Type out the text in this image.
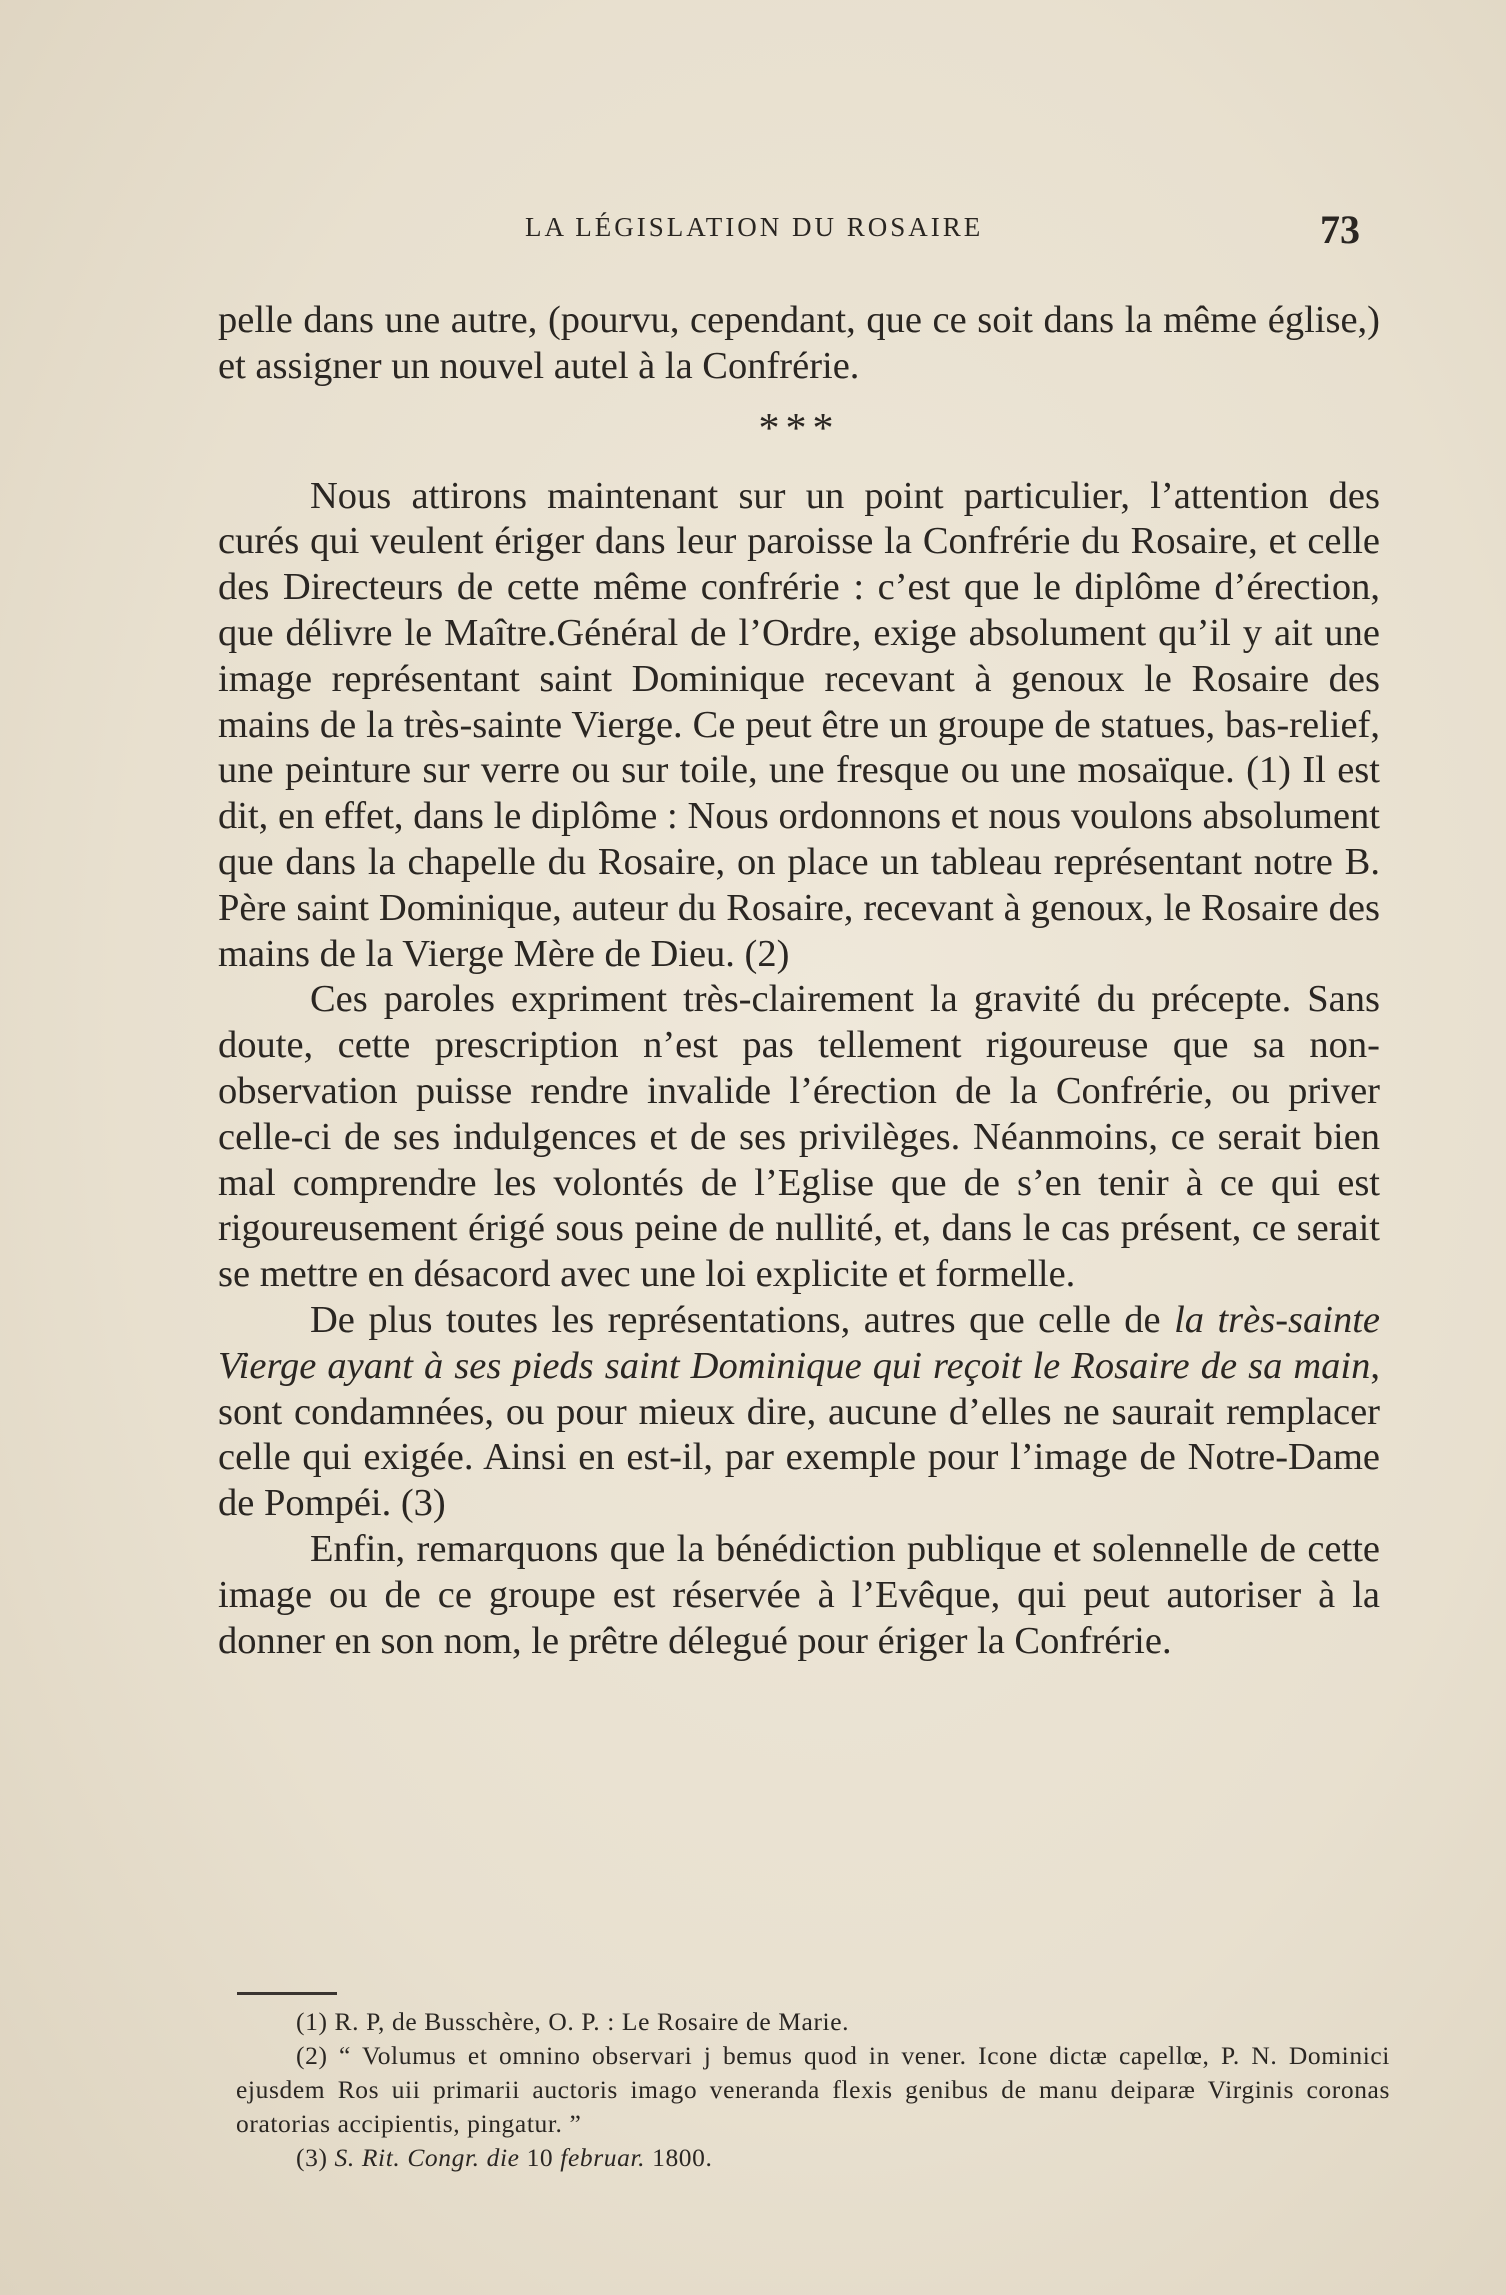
LA LÉGISLATION DU ROSAIRE	73

pelle dans une autre, (pourvu, cependant, que ce soit dans la même église,) et assigner un nouvel autel à la Confrérie.

***

Nous attirons maintenant sur un point particulier, l’attention des curés qui veulent ériger dans leur paroisse la Confrérie du Rosaire, et celle des Directeurs de cette même confrérie : c’est que le diplôme d’érection, que délivre le Maître.Général de l’Ordre, exige absolument qu’il y ait une image représentant saint Dominique recevant à genoux le Rosaire des mains de la très-sainte Vierge. Ce peut être un groupe de statues, bas-relief, une peinture sur verre ou sur toile, une fresque ou une mosaïque. (1) Il est dit, en effet, dans le diplôme : Nous ordonnons et nous voulons absolument que dans la chapelle du Rosaire, on place un tableau représentant notre B. Père saint Dominique, auteur du Rosaire, recevant à genoux, le Rosaire des mains de la Vierge Mère de Dieu. (2)

Ces paroles expriment très-clairement la gravité du précepte. Sans doute, cette prescription n’est pas tellement rigoureuse que sa non-observation puisse rendre invalide l’érection de la Confrérie, ou priver celle-ci de ses indulgences et de ses privilèges. Néanmoins, ce serait bien mal comprendre les volontés de l’Eglise que de s’en tenir à ce qui est rigoureusement érigé sous peine de nullité, et, dans le cas présent, ce serait se mettre en désacord avec une loi explicite et formelle.

De plus toutes les représentations, autres que celle de la très-sainte Vierge ayant à ses pieds saint Dominique qui reçoit le Rosaire de sa main, sont condamnées, ou pour mieux dire, aucune d’elles ne saurait remplacer celle qui exigée. Ainsi en est-il, par exemple pour l’image de Notre-Dame de Pompéi. (3)

Enfin, remarquons que la bénédiction publique et solennelle de cette image ou de ce groupe est réservée à l’Evêque, qui peut autoriser à la donner en son nom, le prêtre délegué pour ériger la Confrérie.

(1) R. P, de Busschère, O. P. : Le Rosaire de Marie.

(2) “ Volumus et omnino observari j bemus quod in vener. Icone dictæ capellœ, P. N. Dominici ejusdem Ros uii primarii auctoris imago veneranda flexis genibus de manu deiparæ Virginis coronas oratorias accipientis, pingatur. ”

(3) S. Rit. Congr. die 10 februar. 1800.
